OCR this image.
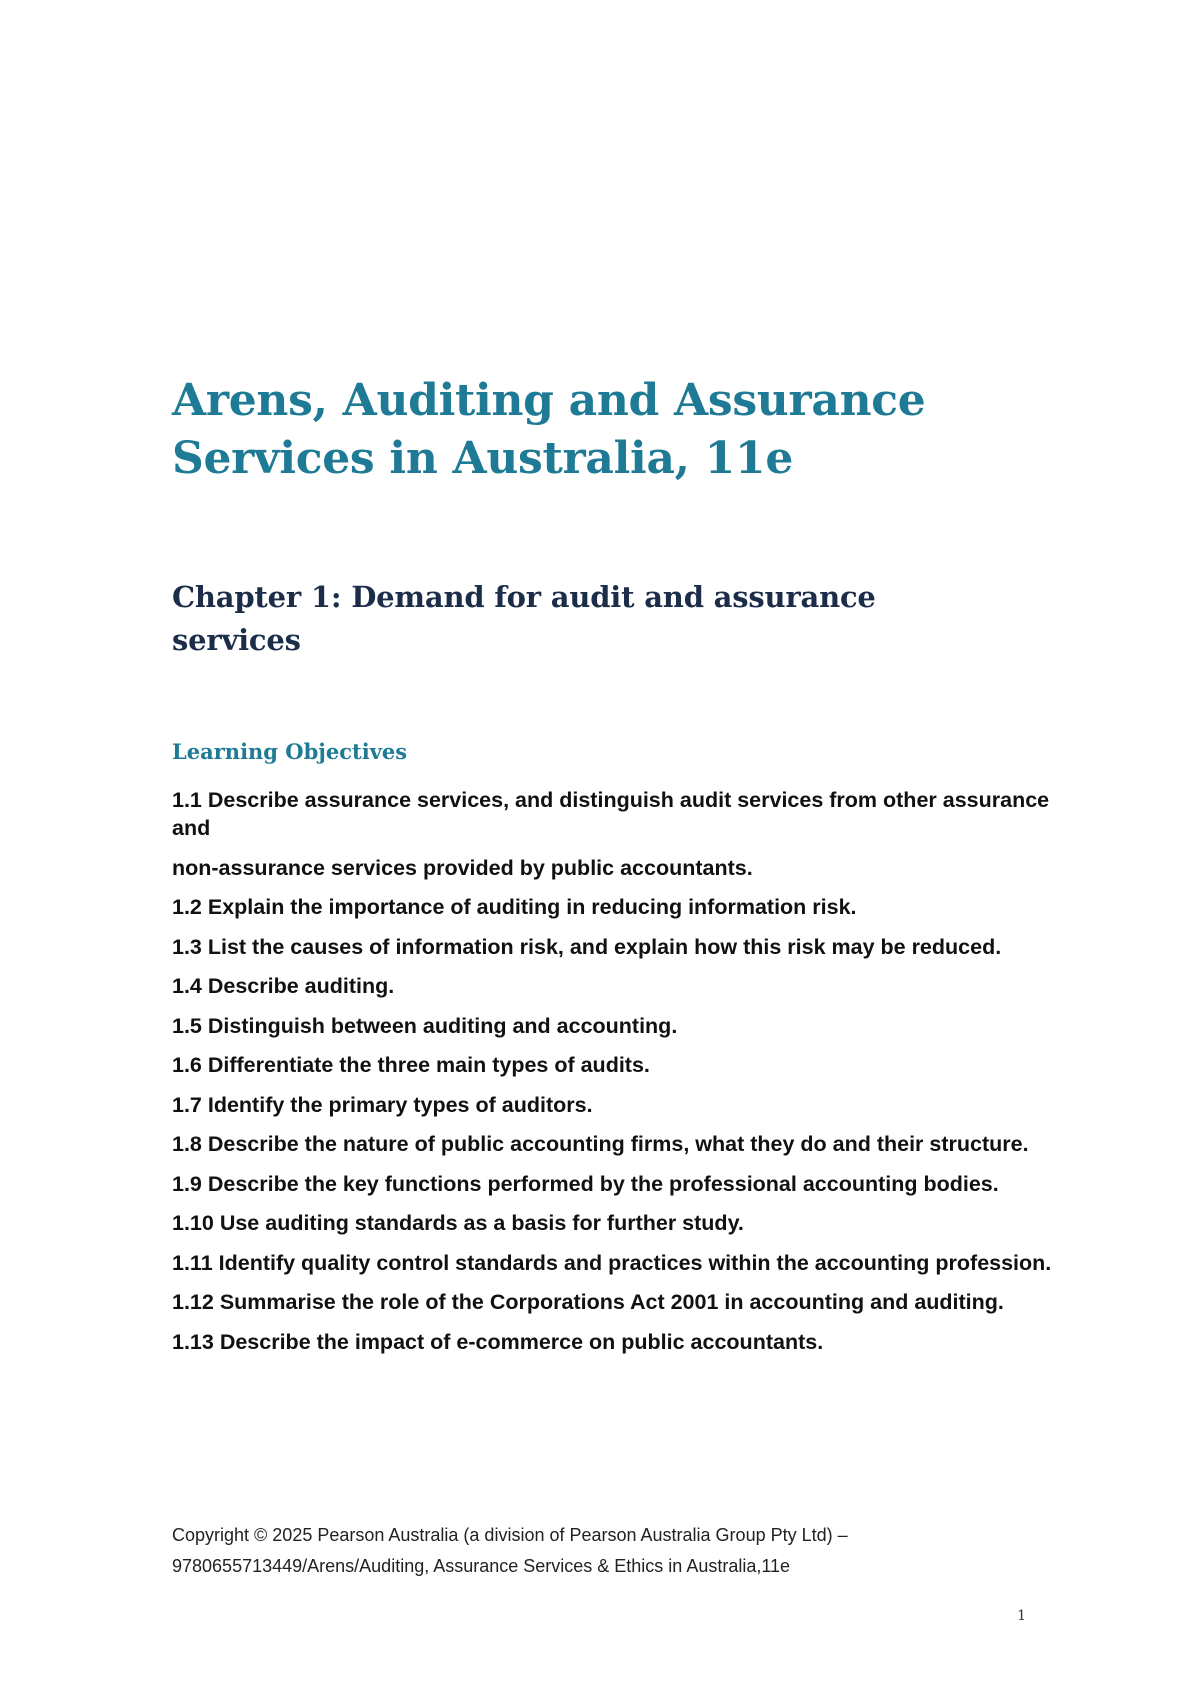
Arens, Auditing and Assurance
Services in Australia, 11e
Chapter 1: Demand for audit and assurance
services
Learning Objectives
1.1 Describe assurance services, and distinguish audit services from other assurance and
non-assurance services provided by public accountants.
1.2 Explain the importance of auditing in reducing information risk.
1.3 List the causes of information risk, and explain how this risk may be reduced.
1.4 Describe auditing.
1.5 Distinguish between auditing and accounting.
1.6 Differentiate the three main types of audits.
1.7 Identify the primary types of auditors.
1.8 Describe the nature of public accounting firms, what they do and their structure.
1.9 Describe the key functions performed by the professional accounting bodies.
1.10 Use auditing standards as a basis for further study.
1.11 Identify quality control standards and practices within the accounting profession.
1.12 Summarise the role of the Corporations Act 2001 in accounting and auditing.
1.13 Describe the impact of e-commerce on public accountants.
Copyright © 2025 Pearson Australia (a division of Pearson Australia Group Pty Ltd) –
9780655713449/Arens/Auditing, Assurance Services & Ethics in Australia,11e
1
